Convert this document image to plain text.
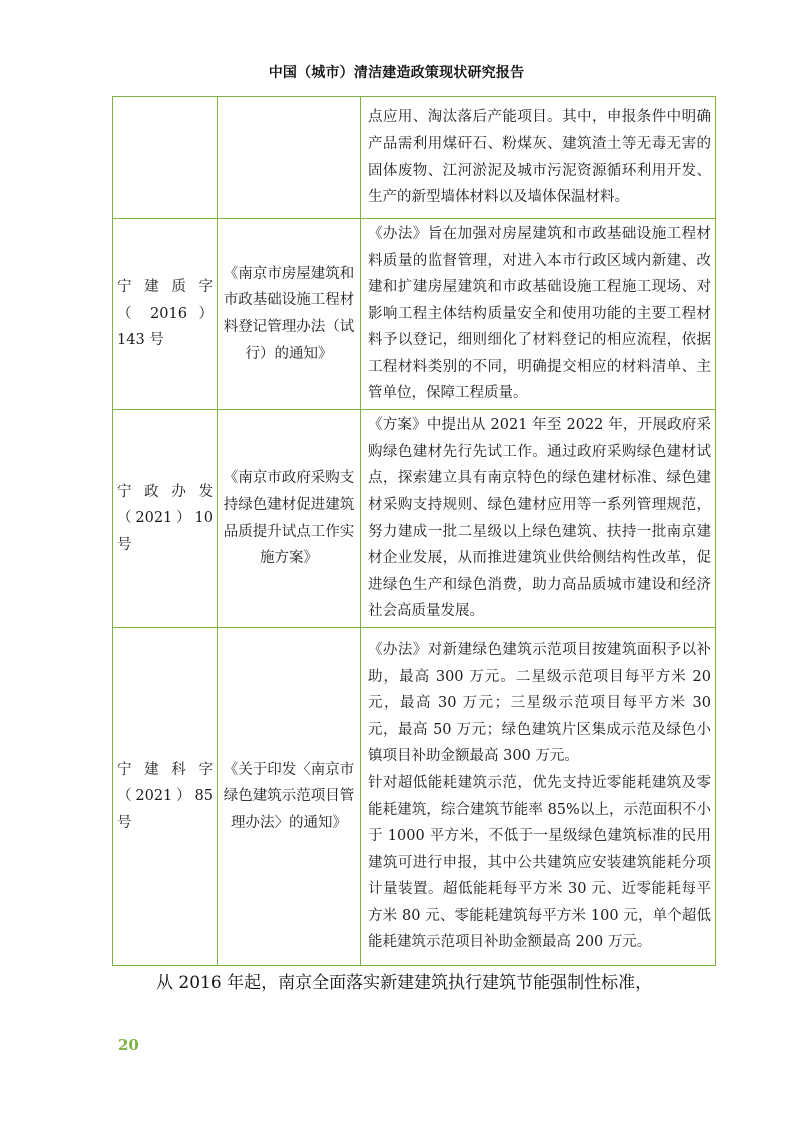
中国（城市）清洁建造政策现状研究报告

		点应用、淘汰落后产能项目。其中，申报条件中明确产品需利用煤矸石、粉煤灰、建筑渣土等无毒无害的固体废物、江河淤泥及城市污泥资源循环利用开发、生产的新型墙体材料以及墙体保温材料。

宁建质字
（ 2016 ）
143 号	《南京市房屋建筑和市政基础设施工程材料登记管理办法（试行）的通知》	《办法》旨在加强对房屋建筑和市政基础设施工程材料质量的监督管理，对进入本市行政区域内新建、改建和扩建房屋建筑和市政基础设施工程施工现场、对影响工程主体结构质量安全和使用功能的主要工程材料予以登记，细则细化了材料登记的相应流程，依据工程材料类别的不同，明确提交相应的材料清单、主管单位，保障工程质量。

宁政办发
（2021）10
号	《南京市政府采购支持绿色建材促进建筑品质提升试点工作实施方案》	《方案》中提出从 2021 年至 2022 年，开展政府采购绿色建材先行先试工作。通过政府采购绿色建材试点，探索建立具有南京特色的绿色建材标准、绿色建材采购支持规则、绿色建材应用等一系列管理规范，努力建成一批二星级以上绿色建筑、扶持一批南京建材企业发展，从而推进建筑业供给侧结构性改革，促进绿色生产和绿色消费，助力高品质城市建设和经济社会高质量发展。

宁建科字
（2021）85
号
	《关于印发〈南京市绿色建筑示范项目管理办法〉的通知》	

《办法》对新建绿色建筑示范项目按建筑面积予以补助，最高 300 万元。二星级示范项目每平方米 20 元，最高 30 万元；三星级示范项目每平方米 30 元，最高 50 万元；绿色建筑片区集成示范及绿色小镇项目补助金额最高 300 万元。

针对超低能耗建筑示范，优先支持近零能耗建筑及零能耗建筑，综合建筑节能率 85%以上，示范面积不小于 1000 平方米，不低于一星级绿色建筑标准的民用建筑可进行申报，其中公共建筑应安装建筑能耗分项计量装置。超低能耗每平方米 30 元、近零能耗每平方米 80 元、零能耗建筑每平方米 100 元，单个超低能耗建筑示范项目补助金额最高 200 万元。

从 2016 年起，南京全面落实新建建筑执行建筑节能强制性标准，
20
